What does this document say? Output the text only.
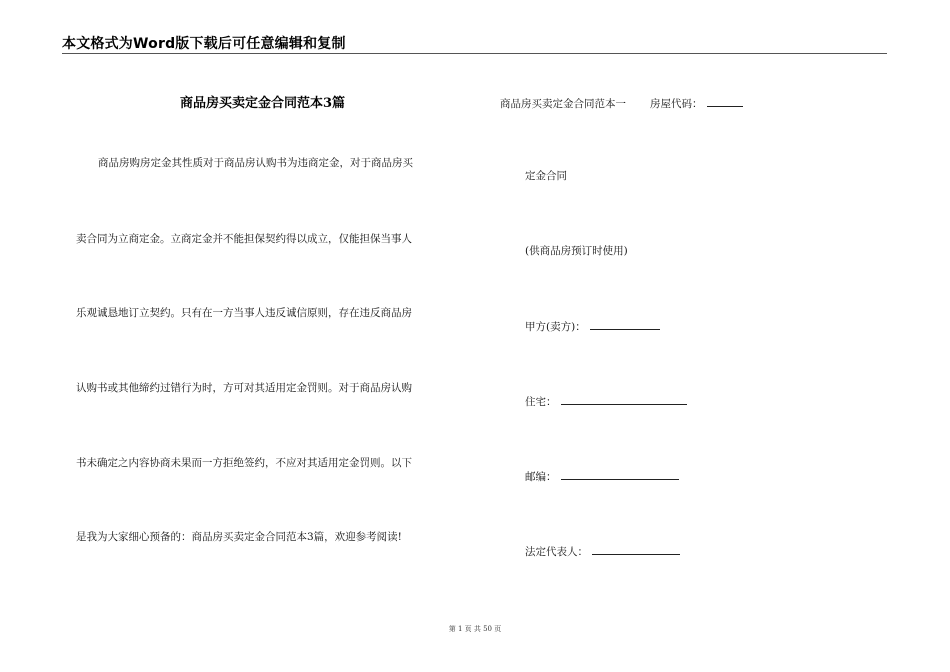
本文格式为Word版下载后可任意编辑和复制
商品房买卖定金合同范本3篇
商品房购房定金其性质对于商品房认购书为违商定金，对于商品房买
卖合同为立商定金。立商定金并不能担保契约得以成立，仅能担保当事人
乐观诚恳地订立契约。只有在一方当事人违反诚信原则，存在违反商品房
认购书或其他缔约过错行为时，方可对其适用定金罚则。对于商品房认购
书未确定之内容协商未果而一方拒绝签约，不应对其适用定金罚则。以下
是我为大家细心预备的：商品房买卖定金合同范本3篇，欢迎参考阅读!
商品房买卖定金合同范本一 房屋代码：
定金合同
(供商品房预订时使用)
甲方(卖方)：
住宅：
邮编：
法定代表人：
第 1 页 共 50 页
